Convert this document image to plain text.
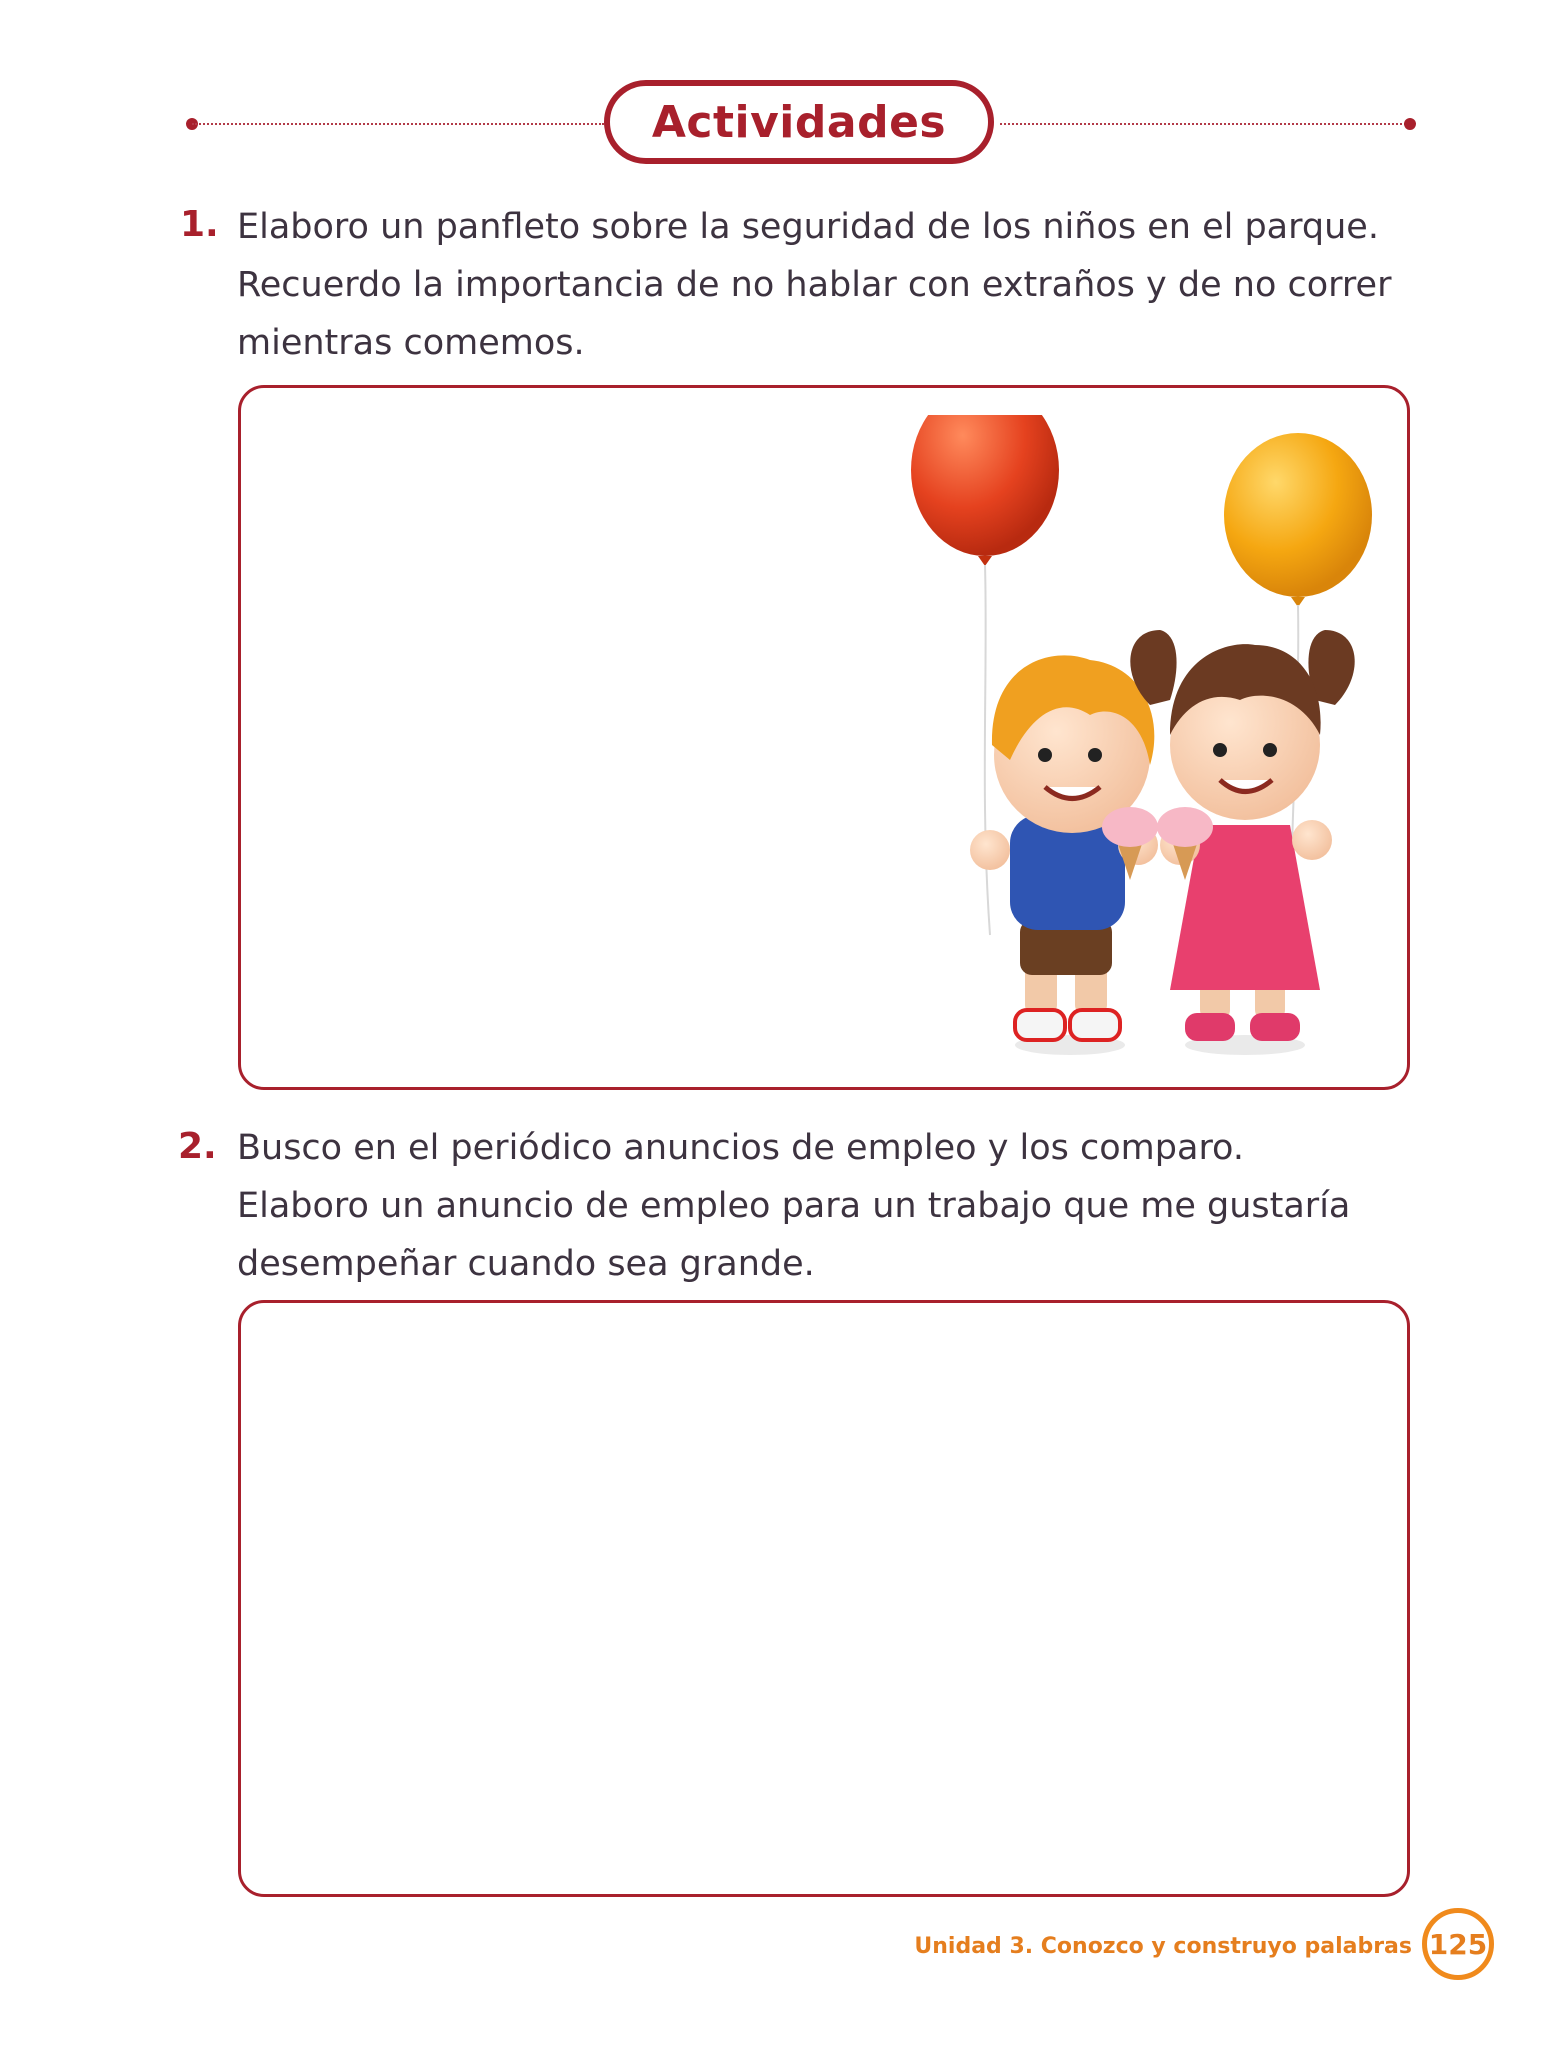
Actividades
1. Elaboro un panfleto sobre la seguridad de los niños en el parque.
Recuerdo la importancia de no hablar con extraños y de no correr
mientras comemos.

2. Busco en el periódico anuncios de empleo y los comparo.
Elaboro un anuncio de empleo para un trabajo que me gustaría
desempeñar cuando sea grande.

Unidad 3. Conozco y construyo palabras 125
